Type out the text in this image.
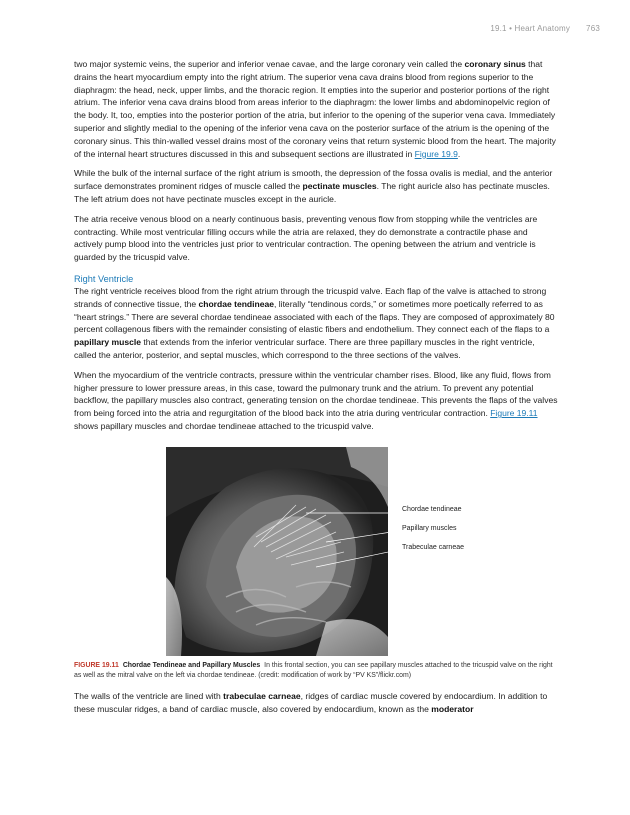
19.1 • Heart Anatomy 763

two major systemic veins, the superior and inferior venae cavae, and the large coronary vein called the coronary sinus that drains the heart myocardium empty into the right atrium. The superior vena cava drains blood from regions superior to the diaphragm: the head, neck, upper limbs, and the thoracic region. It empties into the superior and posterior portions of the right atrium. The inferior vena cava drains blood from areas inferior to the diaphragm: the lower limbs and abdominopelvic region of the body. It, too, empties into the posterior portion of the atria, but inferior to the opening of the superior vena cava. Immediately superior and slightly medial to the opening of the inferior vena cava on the posterior surface of the atrium is the opening of the coronary sinus. This thin-walled vessel drains most of the coronary veins that return systemic blood from the heart. The majority of the internal heart structures discussed in this and subsequent sections are illustrated in Figure 19.9.

While the bulk of the internal surface of the right atrium is smooth, the depression of the fossa ovalis is medial, and the anterior surface demonstrates prominent ridges of muscle called the pectinate muscles. The right auricle also has pectinate muscles. The left atrium does not have pectinate muscles except in the auricle.

The atria receive venous blood on a nearly continuous basis, preventing venous flow from stopping while the ventricles are contracting. While most ventricular filling occurs while the atria are relaxed, they do demonstrate a contractile phase and actively pump blood into the ventricles just prior to ventricular contraction. The opening between the atrium and ventricle is guarded by the tricuspid valve.

Right Ventricle

The right ventricle receives blood from the right atrium through the tricuspid valve. Each flap of the valve is attached to strong strands of connective tissue, the chordae tendineae, literally “tendinous cords,” or sometimes more poetically referred to as “heart strings.” There are several chordae tendineae associated with each of the flaps. They are composed of approximately 80 percent collagenous fibers with the remainder consisting of elastic fibers and endothelium. They connect each of the flaps to a papillary muscle that extends from the inferior ventricular surface. There are three papillary muscles in the right ventricle, called the anterior, posterior, and septal muscles, which correspond to the three sections of the valves.

When the myocardium of the ventricle contracts, pressure within the ventricular chamber rises. Blood, like any fluid, flows from higher pressure to lower pressure areas, in this case, toward the pulmonary trunk and the atrium. To prevent any potential backflow, the papillary muscles also contract, generating tension on the chordae tendineae. This prevents the flaps of the valves from being forced into the atria and regurgitation of the blood back into the atria during ventricular contraction. Figure 19.11 shows papillary muscles and chordae tendineae attached to the tricuspid valve.

Chordae tendineae
Papillary muscles
Trabeculae carneae
FIGURE 19.11 Chordae Tendineae and Papillary Muscles In this frontal section, you can see papillary muscles attached to the tricuspid valve on the right as well as the mitral valve on the left via chordae tendineae. (credit: modification of work by “PV KS”/flickr.com)

The walls of the ventricle are lined with trabeculae carneae, ridges of cardiac muscle covered by endocardium. In addition to these muscular ridges, a band of cardiac muscle, also covered by endocardium, known as the moderator
